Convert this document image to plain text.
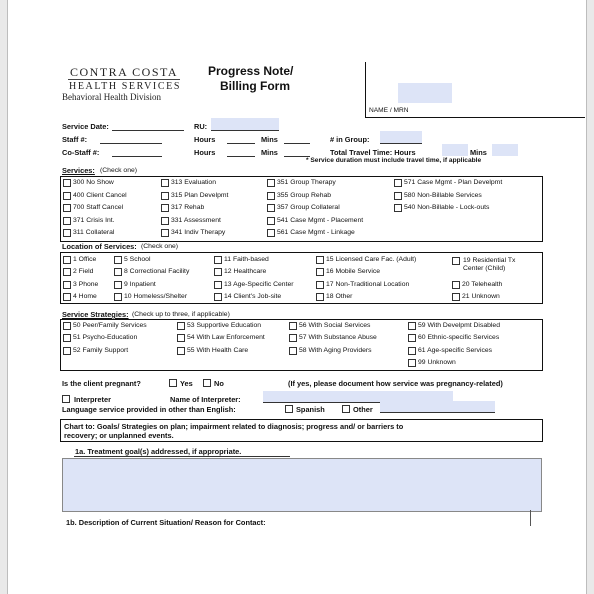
CONTRA COSTA
HEALTH SERVICES
Behavioral Health Division
Progress Note/
Billing Form
NAME / MRN
Service Date:	RU:
Staff #:	Hours	Mins	# in Group:
Co-Staff #:	Hours	Mins	Total Travel Time: Hours	Mins
* Service duration must include travel time, if applicable
Services: (Check one)
Location of Services: (Check one)
19 Residential Tx
Center (Child)
Service Strategies: (Check up to three, if applicable)
Is the client pregnant?	Yes	No	(If yes, please document how service was pregnancy-related)
Interpreter	Name of Interpreter:
Language service provided in other than English:	Spanish	Other
Chart to: Goals/ Strategies on plan; impairment related to diagnosis; progress and/ or barriers to
recovery; or unplanned events.
1a. Treatment goal(s) addressed, if appropriate.
1b. Description of Current Situation/ Reason for Contact:
300 No Show
400 Client Cancel
700 Staff Cancel
371 Crisis Int.
311 Collateral
313 Evaluation
315 Plan Develpmt
317 Rehab
331 Assessment
341 Indiv Therapy
351 Group Therapy
355 Group Rehab
357 Group Collateral
541 Case Mgmt - Placement
561 Case Mgmt - Linkage
571 Case Mgmt - Plan Develpmt
580 Non-Billable Services
540 Non-Billable - Lock-outs
1 Office
2 Field
3 Phone
4 Home
5 School
8 Correctional Facility
9 Inpatient
10 Homeless/Shelter
11 Faith-based
12 Healthcare
13 Age-Specific Center
14 Client's Job-site
15 Licensed Care Fac. (Adult)
16 Mobile Service
17 Non-Traditional Location
18 Other
20 Telehealth
21 Unknown
50 Peer/Family Services
51 Psycho-Education
52 Family Support
53 Supportive Education
54 With Law Enforcement
55 With Health Care
56 With Social Services
57 With Substance Abuse
58 With Aging Providers
59 With Develpmt Disabled
60 Ethnic-specific Services
61 Age-specific Services
99 Unknown
